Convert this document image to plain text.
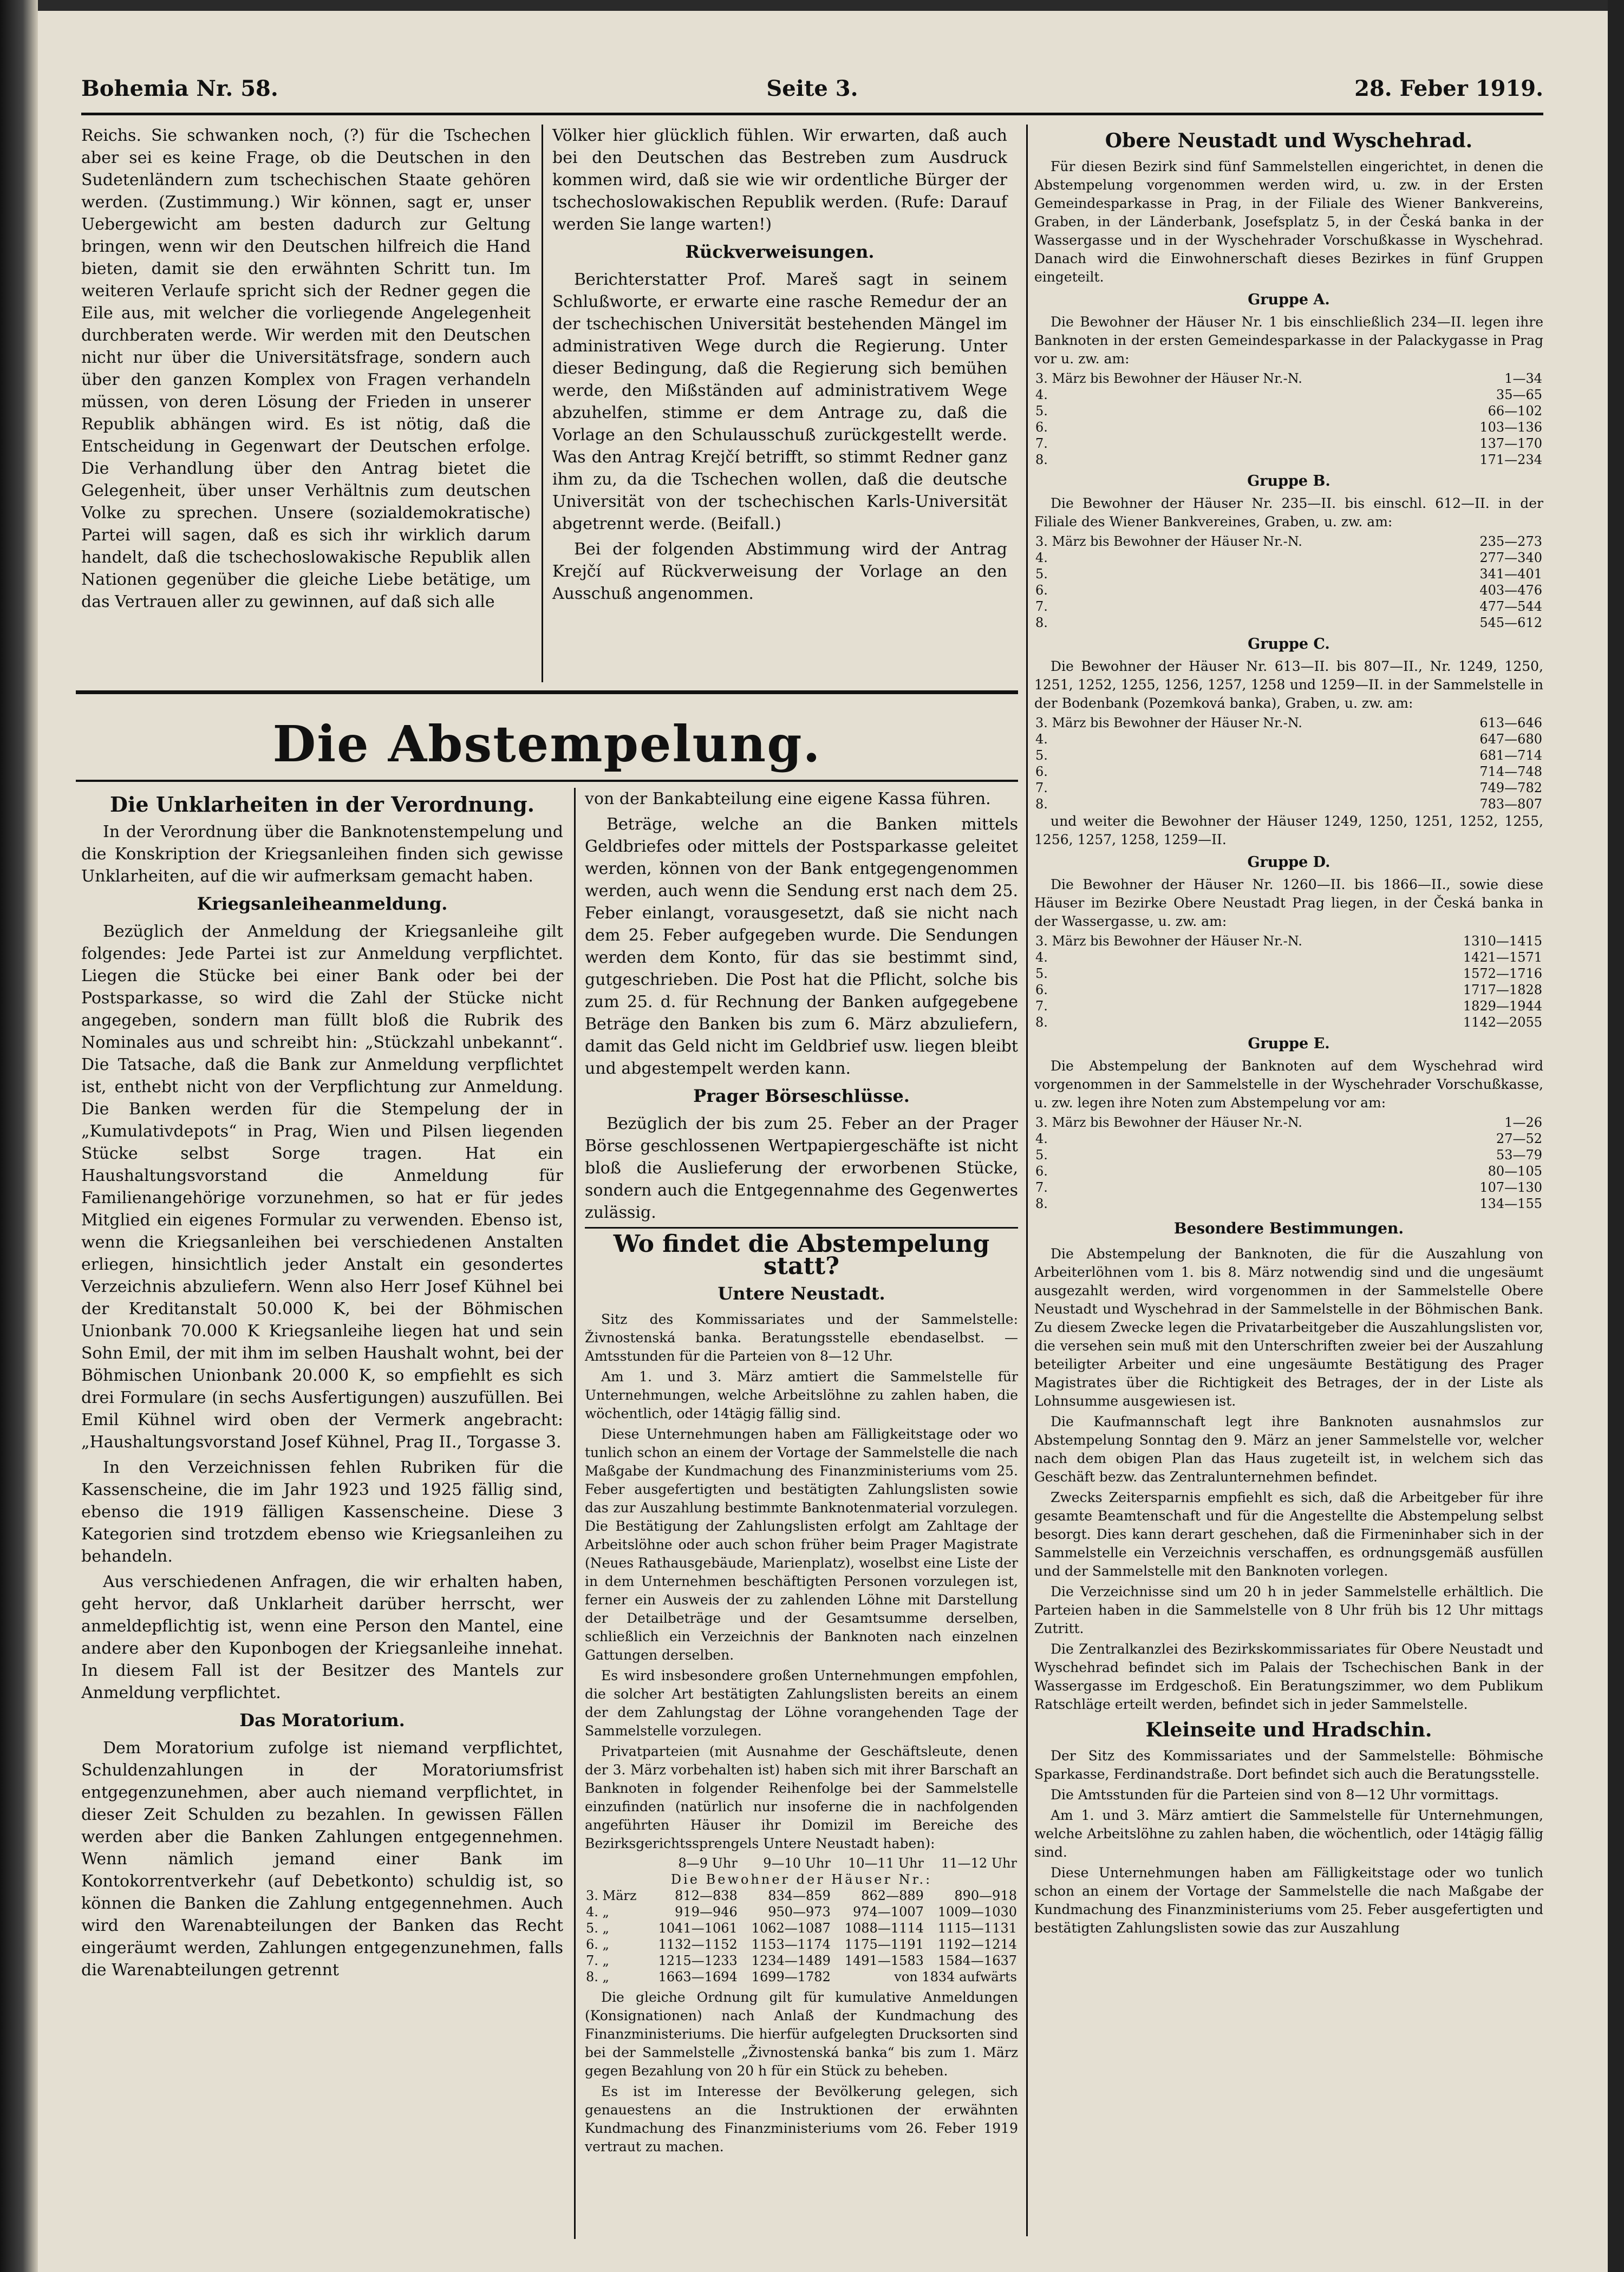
Bohemia Nr. 58.	Seite 3.	28. Feber 1919.

Reichs. Sie schwanken noch, (?) für die Tschechen aber sei es keine Frage, ob die Deutschen in den Sudetenländern zum tschechischen Staate gehören werden. (Zustimmung.) Wir können, sagt er, unser Uebergewicht am besten dadurch zur Geltung bringen, wenn wir den Deutschen hilfreich die Hand bieten, damit sie den erwähnten Schritt tun. Im weiteren Verlaufe spricht sich der Redner gegen die Eile aus, mit welcher die vorliegende Angelegenheit durchberaten werde. Wir werden mit den Deutschen nicht nur über die Universitätsfrage, sondern auch über den ganzen Komplex von Fragen verhandeln müssen, von deren Lösung der Frieden in unserer Republik abhängen wird. Es ist nötig, daß die Entscheidung in Gegenwart der Deutschen erfolge. Die Verhandlung über den Antrag bietet die Gelegenheit, über unser Verhältnis zum deutschen Volke zu sprechen. Unsere (sozialdemokratische) Partei will sagen, daß es sich ihr wirklich darum handelt, daß die tschechoslowakische Republik allen Nationen gegenüber die gleiche Liebe betätige, um das Vertrauen aller zu gewinnen, auf daß sich alle

Völker hier glücklich fühlen. Wir erwarten, daß auch bei den Deutschen das Bestreben zum Ausdruck kommen wird, daß sie wie wir ordentliche Bürger der tschechoslowakischen Republik werden. (Rufe: Darauf werden Sie lange warten!)

Rückverweisungen.

Berichterstatter Prof. Mareš sagt in seinem Schlußworte, er erwarte eine rasche Remedur der an der tschechischen Universität bestehenden Mängel im administrativen Wege durch die Regierung. Unter dieser Bedingung, daß die Regierung sich bemühen werde, den Mißständen auf administrativem Wege abzuhelfen, stimme er dem Antrage zu, daß die Vorlage an den Schulausschuß zurückgestellt werde. Was den Antrag Krejčí betrifft, so stimmt Redner ganz ihm zu, da die Tschechen wollen, daß die deutsche Universität von der tschechischen Karls-Universität abgetrennt werde. (Beifall.)

Bei der folgenden Abstimmung wird der Antrag Krejčí auf Rückverweisung der Vorlage an den Ausschuß angenommen.

Die Abstempelung.

Die Unklarheiten in der Verordnung.

In der Verordnung über die Banknotenstempelung und die Konskription der Kriegsanleihen finden sich gewisse Unklarheiten, auf die wir aufmerksam gemacht haben.

Kriegsanleiheanmeldung.

Bezüglich der Anmeldung der Kriegsanleihe gilt folgendes: Jede Partei ist zur Anmeldung verpflichtet. Liegen die Stücke bei einer Bank oder bei der Postsparkasse, so wird die Zahl der Stücke nicht angegeben, sondern man füllt bloß die Rubrik des Nominales aus und schreibt hin: „Stückzahl unbekannt“. Die Tatsache, daß die Bank zur Anmeldung verpflichtet ist, enthebt nicht von der Verpflichtung zur Anmeldung. Die Banken werden für die Stempelung der in „Kumulativdepots“ in Prag, Wien und Pilsen liegenden Stücke selbst Sorge tragen. Hat ein Haushaltungsvorstand die Anmeldung für Familienangehörige vorzunehmen, so hat er für jedes Mitglied ein eigenes Formular zu verwenden. Ebenso ist, wenn die Kriegsanleihen bei verschiedenen Anstalten erliegen, hinsichtlich jeder Anstalt ein gesondertes Verzeichnis abzuliefern. Wenn also Herr Josef Kühnel bei der Kreditanstalt 50.000 K, bei der Böhmischen Unionbank 70.000 K Kriegsanleihe liegen hat und sein Sohn Emil, der mit ihm im selben Haushalt wohnt, bei der Böhmischen Unionbank 20.000 K, so empfiehlt es sich drei Formulare (in sechs Ausfertigungen) auszufüllen. Bei Emil Kühnel wird oben der Vermerk angebracht: „Haushaltungsvorstand Josef Kühnel, Prag II., Torgasse 3.

In den Verzeichnissen fehlen Rubriken für die Kassenscheine, die im Jahr 1923 und 1925 fällig sind, ebenso die 1919 fälligen Kassenscheine. Diese 3 Kategorien sind trotzdem ebenso wie Kriegsanleihen zu behandeln.

Aus verschiedenen Anfragen, die wir erhalten haben, geht hervor, daß Unklarheit darüber herrscht, wer anmeldepflichtig ist, wenn eine Person den Mantel, eine andere aber den Kuponbogen der Kriegsanleihe innehat. In diesem Fall ist der Besitzer des Mantels zur Anmeldung verpflichtet.

Das Moratorium.

Dem Moratorium zufolge ist niemand verpflichtet, Schuldenzahlungen in der Moratoriumsfrist entgegenzunehmen, aber auch niemand verpflichtet, in dieser Zeit Schulden zu bezahlen. In gewissen Fällen werden aber die Banken Zahlungen entgegennehmen. Wenn nämlich jemand einer Bank im Kontokorrentverkehr (auf Debetkonto) schuldig ist, so können die Banken die Zahlung entgegennehmen. Auch wird den Warenabteilungen der Banken das Recht eingeräumt werden, Zahlungen entgegenzunehmen, falls die Warenabteilungen getrennt

von der Bankabteilung eine eigene Kassa führen.

Beträge, welche an die Banken mittels Geldbriefes oder mittels der Postsparkasse geleitet werden, können von der Bank entgegengenommen werden, auch wenn die Sendung erst nach dem 25. Feber einlangt, vorausgesetzt, daß sie nicht nach dem 25. Feber aufgegeben wurde. Die Sendungen werden dem Konto, für das sie bestimmt sind, gutgeschrieben. Die Post hat die Pflicht, solche bis zum 25. d. für Rechnung der Banken aufgegebene Beträge den Banken bis zum 6. März abzuliefern, damit das Geld nicht im Geldbrief usw. liegen bleibt und abgestempelt werden kann.

Prager Börseschlüsse.

Bezüglich der bis zum 25. Feber an der Prager Börse geschlossenen Wertpapiergeschäfte ist nicht bloß die Auslieferung der erworbenen Stücke, sondern auch die Entgegennahme des Gegenwertes zulässig.

Wo findet die Abstempelung statt?

Untere Neustadt.

Sitz des Kommissariates und der Sammelstelle: Živnostenská banka. Beratungsstelle ebendaselbst. — Amtsstunden für die Parteien von 8—12 Uhr.

Am 1. und 3. März amtiert die Sammelstelle für Unternehmungen, welche Arbeitslöhne zu zahlen haben, die wöchentlich, oder 14tägig fällig sind.

Diese Unternehmungen haben am Fälligkeitstage oder wo tunlich schon an einem der Vortage der Sammelstelle die nach Maßgabe der Kundmachung des Finanzministeriums vom 25. Feber ausgefertigten und bestätigten Zahlungslisten sowie das zur Auszahlung bestimmte Banknotenmaterial vorzulegen. Die Bestätigung der Zahlungslisten erfolgt am Zahltage der Arbeitslöhne oder auch schon früher beim Prager Magistrate (Neues Rathausgebäude, Marienplatz), woselbst eine Liste der in dem Unternehmen beschäftigten Personen vorzulegen ist, ferner ein Ausweis der zu zahlenden Löhne mit Darstellung der Detailbeträge und der Gesamtsumme derselben, schließlich ein Verzeichnis der Banknoten nach einzelnen Gattungen derselben.

Es wird insbesondere großen Unternehmungen empfohlen, die solcher Art bestätigten Zahlungslisten bereits an einem der dem Zahlungstag der Löhne vorangehenden Tage der Sammelstelle vorzulegen.

Privatparteien (mit Ausnahme der Geschäftsleute, denen der 3. März vorbehalten ist) haben sich mit ihrer Barschaft an Banknoten in folgender Reihenfolge bei der Sammelstelle einzufinden (natürlich nur insoferne die in nachfolgenden angeführten Häuser ihr Domizil im Bereiche des Bezirksgerichtssprengels Untere Neustadt haben):

	8—9 Uhr	9—10 Uhr	10—11 Uhr	11—12 Uhr
Die Bewohner der Häuser Nr.:				
3. März	812—838	834—859	862—889	890—918
4. „	919—946	950—973	974—1007	1009—1030
5. „	1041—1061	1062—1087	1088—1114	1115—1131
6. „	1132—1152	1153—1174	1175—1191	1192—1214
7. „	1215—1233	1234—1489	1491—1583	1584—1637
8. „	1663—1694	1699—1782	von 1834 aufwärts	

Die gleiche Ordnung gilt für kumulative Anmeldungen (Konsignationen) nach Anlaß der Kundmachung des Finanzministeriums. Die hierfür aufgelegten Drucksorten sind bei der Sammelstelle „Živnostenská banka“ bis zum 1. März gegen Bezahlung von 20 h für ein Stück zu beheben.

Es ist im Interesse der Bevölkerung gelegen, sich genauestens an die Instruktionen der erwähnten Kundmachung des Finanzministeriums vom 26. Feber 1919 vertraut zu machen.

Obere Neustadt und Wyschehrad.

Für diesen Bezirk sind fünf Sammelstellen eingerichtet, in denen die Abstempelung vorgenommen werden wird, u. zw. in der Ersten Gemeindesparkasse in Prag, in der Filiale des Wiener Bankvereins, Graben, in der Länderbank, Josefsplatz 5, in der Česká banka in der Wassergasse und in der Wyschehrader Vorschußkasse in Wyschehrad. Danach wird die Einwohnerschaft dieses Bezirkes in fünf Gruppen eingeteilt.

Gruppe A.

Die Bewohner der Häuser Nr. 1 bis einschließlich 234—II. legen ihre Banknoten in der ersten Gemeindesparkasse in der Palackygasse in Prag vor u. zw. am:

3. März bis Bewohner der Häuser Nr.-N.	1—34
4.	35—65
5.	66—102
6.	103—136
7.	137—170
8.	171—234

Gruppe B.

Die Bewohner der Häuser Nr. 235—II. bis einschl. 612—II. in der Filiale des Wiener Bankvereines, Graben, u. zw. am:

3. März bis Bewohner der Häuser Nr.-N.	235—273
4.	277—340
5.	341—401
6.	403—476
7.	477—544
8.	545—612

Gruppe C.

Die Bewohner der Häuser Nr. 613—II. bis 807—II., Nr. 1249, 1250, 1251, 1252, 1255, 1256, 1257, 1258 und 1259—II. in der Sammelstelle in der Bodenbank (Pozemková banka), Graben, u. zw. am:

3. März bis Bewohner der Häuser Nr.-N.	613—646
4.	647—680
5.	681—714
6.	714—748
7.	749—782
8.	783—807

und weiter die Bewohner der Häuser 1249, 1250, 1251, 1252, 1255, 1256, 1257, 1258, 1259—II.

Gruppe D.

Die Bewohner der Häuser Nr. 1260—II. bis 1866—II., sowie diese Häuser im Bezirke Obere Neustadt Prag liegen, in der Česká banka in der Wassergasse, u. zw. am:

3. März bis Bewohner der Häuser Nr.-N.	1310—1415
4.	1421—1571
5.	1572—1716
6.	1717—1828
7.	1829—1944
8.	1142—2055

Gruppe E.

Die Abstempelung der Banknoten auf dem Wyschehrad wird vorgenommen in der Sammelstelle in der Wyschehrader Vorschußkasse, u. zw. legen ihre Noten zum Abstempelung vor am:

3. März bis Bewohner der Häuser Nr.-N.	1—26
4.	27—52
5.	53—79
6.	80—105
7.	107—130
8.	134—155

Besondere Bestimmungen.

Die Abstempelung der Banknoten, die für die Auszahlung von Arbeiterlöhnen vom 1. bis 8. März notwendig sind und die ungesäumt ausgezahlt werden, wird vorgenommen in der Sammelstelle Obere Neustadt und Wyschehrad in der Sammelstelle in der Böhmischen Bank. Zu diesem Zwecke legen die Privatarbeitgeber die Auszahlungslisten vor, die versehen sein muß mit den Unterschriften zweier bei der Auszahlung beteiligter Arbeiter und eine ungesäumte Bestätigung des Prager Magistrates über die Richtigkeit des Betrages, der in der Liste als Lohnsumme ausgewiesen ist.

Die Kaufmannschaft legt ihre Banknoten ausnahmslos zur Abstempelung Sonntag den 9. März an jener Sammelstelle vor, welcher nach dem obigen Plan das Haus zugeteilt ist, in welchem sich das Geschäft bezw. das Zentralunternehmen befindet.

Zwecks Zeitersparnis empfiehlt es sich, daß die Arbeitgeber für ihre gesamte Beamtenschaft und für die Angestellte die Abstempelung selbst besorgt. Dies kann derart geschehen, daß die Firmeninhaber sich in der Sammelstelle ein Verzeichnis verschaffen, es ordnungsgemäß ausfüllen und der Sammelstelle mit den Banknoten vorlegen.

Die Verzeichnisse sind um 20 h in jeder Sammelstelle erhältlich. Die Parteien haben in die Sammelstelle von 8 Uhr früh bis 12 Uhr mittags Zutritt.

Die Zentralkanzlei des Bezirkskommissariates für Obere Neustadt und Wyschehrad befindet sich im Palais der Tschechischen Bank in der Wassergasse im Erdgeschoß. Ein Beratungszimmer, wo dem Publikum Ratschläge erteilt werden, befindet sich in jeder Sammelstelle.

Kleinseite und Hradschin.

Der Sitz des Kommissariates und der Sammelstelle: Böhmische Sparkasse, Ferdinandstraße. Dort befindet sich auch die Beratungsstelle.

Die Amtsstunden für die Parteien sind von 8—12 Uhr vormittags.

Am 1. und 3. März amtiert die Sammelstelle für Unternehmungen, welche Arbeitslöhne zu zahlen haben, die wöchentlich, oder 14tägig fällig sind.

Diese Unternehmungen haben am Fälligkeitstage oder wo tunlich schon an einem der Vortage der Sammelstelle die nach Maßgabe der Kundmachung des Finanzministeriums vom 25. Feber ausgefertigten und bestätigten Zahlungslisten sowie das zur Auszahlung
